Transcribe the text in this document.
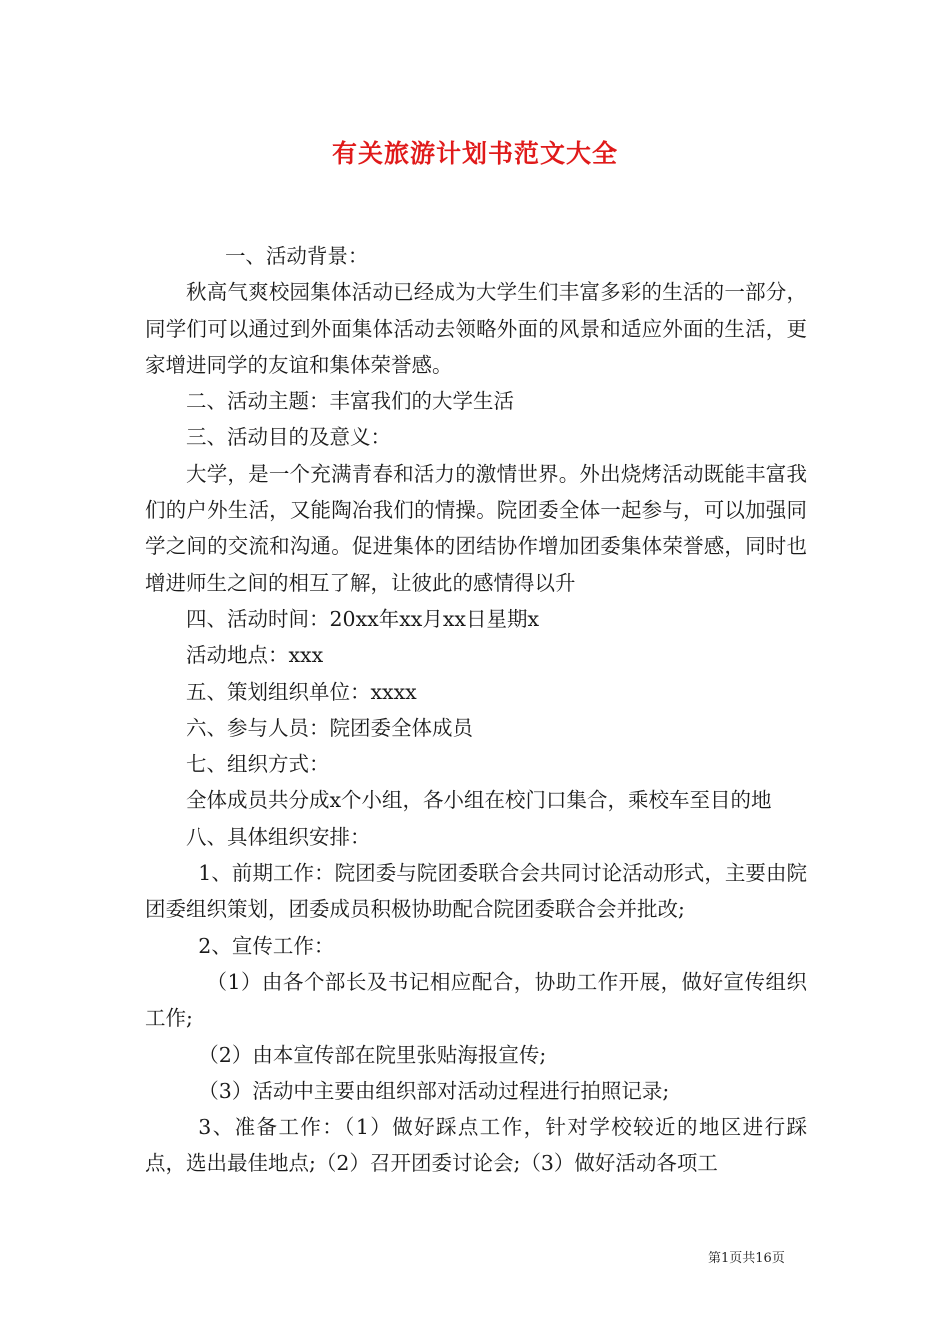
有关旅游计划书范文大全

一、活动背景：

秋高气爽校园集体活动已经成为大学生们丰富多彩的生活的一部分，同学们可以通过到外面集体活动去领略外面的风景和适应外面的生活，更家增进同学的友谊和集体荣誉感。

二、活动主题：丰富我们的大学生活

三、活动目的及意义：

大学，是一个充满青春和活力的激情世界。外出烧烤活动既能丰富我们的户外生活，又能陶冶我们的情操。院团委全体一起参与，可以加强同学之间的交流和沟通。促进集体的团结协作增加团委集体荣誉感，同时也增进师生之间的相互了解，让彼此的感情得以升

四、活动时间：20xx年xx月xx日星期x

活动地点：xxx

五、策划组织单位：xxxx

六、参与人员：院团委全体成员

七、组织方式：

全体成员共分成x个小组，各小组在校门口集合，乘校车至目的地

八、具体组织安排：

1、前期工作：院团委与院团委联合会共同讨论活动形式，主要由院团委组织策划，团委成员积极协助配合院团委联合会并批改;

2、宣传工作：

（1）由各个部长及书记相应配合，协助工作开展，做好宣传组织工作;

（2）由本宣传部在院里张贴海报宣传;

（3）活动中主要由组织部对活动过程进行拍照记录;

3、准备工作：（1）做好踩点工作，针对学校较近的地区进行踩点，选出最佳地点;（2）召开团委讨论会;（3）做好活动各项工

第1页共16页
